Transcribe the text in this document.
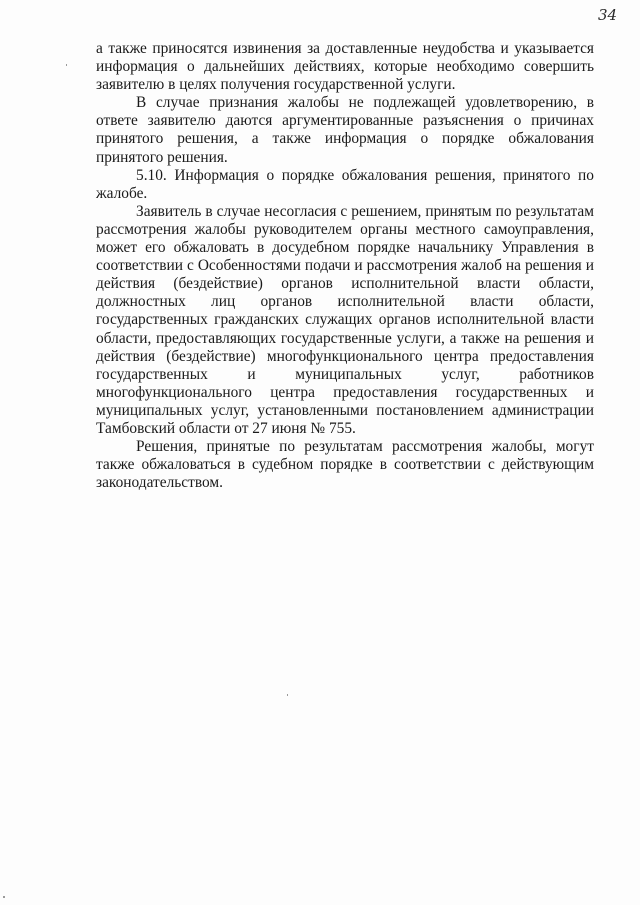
34

а также приносятся извинения за доставленные неудобства и указывается информация о дальнейших действиях, которые необходимо совершить заявителю в целях получения государственной услуги.

В случае признания жалобы не подлежащей удовлетворению, в ответе заявителю даются аргументированные разъяснения о причинах принятого решения, а также информация о порядке обжалования принятого решения.

5.10. Информация о порядке обжалования решения, принятого по жалобе.

Заявитель в случае несогласия с решением, принятым по результатам рассмотрения жалобы руководителем органы местного самоуправления, может его обжаловать в досудебном порядке начальнику Управления в соответствии с Особенностями подачи и рассмотрения жалоб на решения и действия (бездействие) органов исполнительной власти области, должностных лиц органов исполнительной власти области, государственных гражданских служащих органов исполнительной власти области, предоставляющих государственные услуги, а также на решения и действия (бездействие) многофункционального центра предоставления государственных и муниципальных услуг, работников многофункционального центра предоставления государственных и муниципальных услуг, установленными постановлением администрации Тамбовский области от 27 июня № 755.

Решения, принятые по результатам рассмотрения жалобы, могут также обжаловаться в судебном порядке в соответствии с действующим законодательством.
